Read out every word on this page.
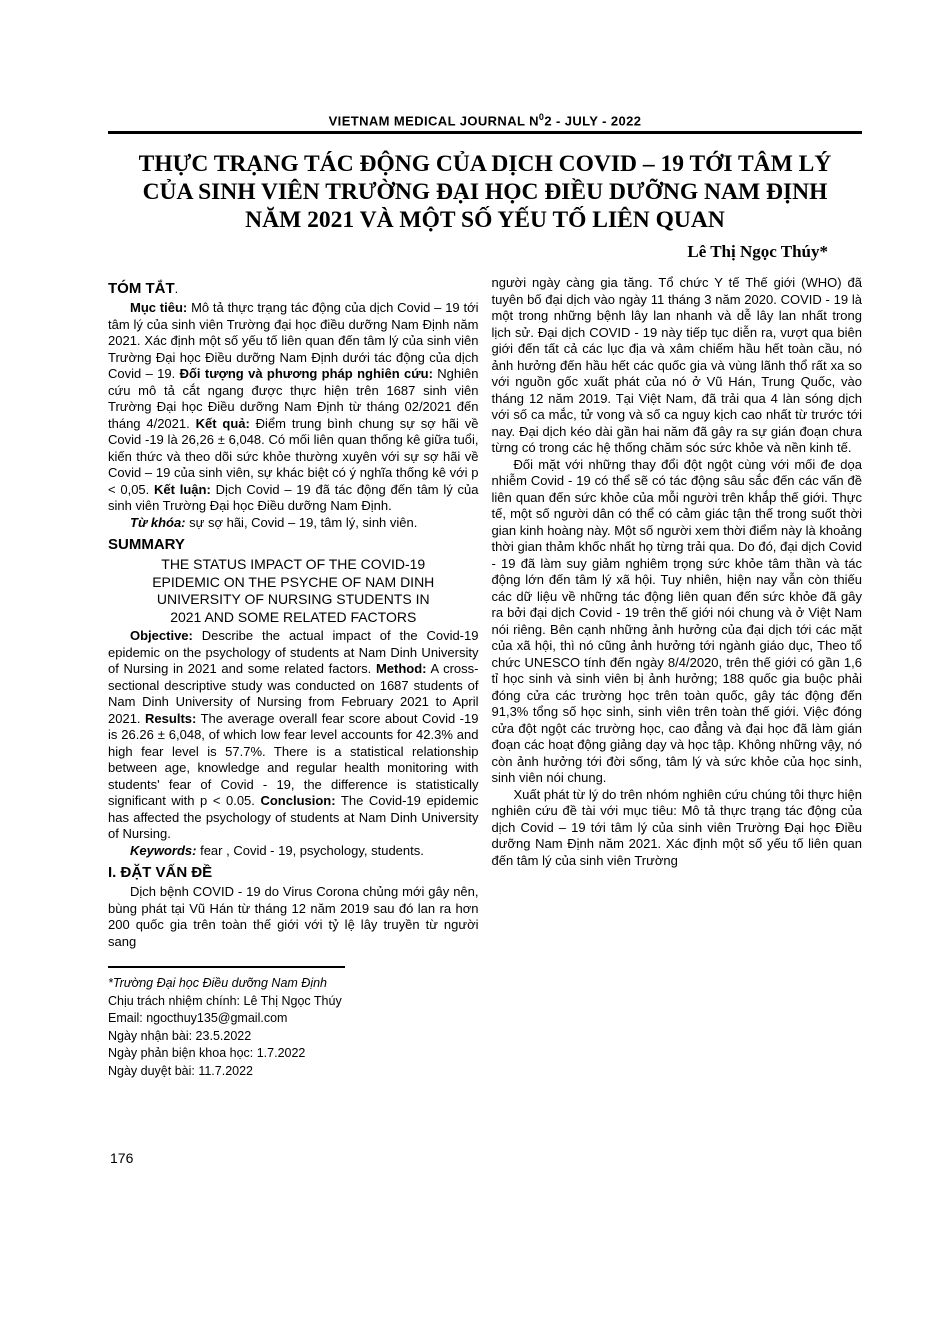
VIETNAM MEDICAL JOURNAL $N^02$ - JULY - 2022
THỰC TRẠNG TÁC ĐỘNG CỦA DỊCH COVID – 19 TỚI TÂM LÝ
CỦA SINH VIÊN TRƯỜNG ĐẠI HỌC ĐIỀU DƯỠNG NAM ĐỊNH
NĂM 2021 VÀ MỘT SỐ YẾU TỐ LIÊN QUAN
Lê Thị Ngọc Thúy*
TÓM TẮT.

Mục tiêu: Mô tả thực trạng tác động của dịch Covid – 19 tới tâm lý của sinh viên Trường đại học điều dưỡng Nam Định năm 2021. Xác định một số yếu tố liên quan đến tâm lý của sinh viên Trường Đại học Điều dưỡng Nam Định dưới tác động của dịch Covid – 19. Đối tượng và phương pháp nghiên cứu: Nghiên cứu mô tả cắt ngang được thực hiện trên 1687 sinh viên Trường Đại học Điều dưỡng Nam Định từ tháng 02/2021 đến tháng 4/2021. Kết quả: Điểm trung bình chung sự sợ hãi về Covid -19 là 26,26 ± 6,048. Có mối liên quan thống kê giữa tuổi, kiến thức và theo dõi sức khỏe thường xuyên với sự sợ hãi về Covid – 19 của sinh viên, sự khác biệt có ý nghĩa thống kê với p < 0,05. Kết luận: Dịch Covid – 19 đã tác động đến tâm lý của sinh viên Trường Đại học Điều dưỡng Nam Định.

Từ khóa: sự sợ hãi, Covid – 19, tâm lý, sinh viên.

SUMMARY
THE STATUS IMPACT OF THE COVID-19
EPIDEMIC ON THE PSYCHE OF NAM DINH
UNIVERSITY OF NURSING STUDENTS IN
2021 AND SOME RELATED FACTORS

Objective: Describe the actual impact of the Covid-19 epidemic on the psychology of students at Nam Dinh University of Nursing in 2021 and some related factors. Method: A cross-sectional descriptive study was conducted on 1687 students of Nam Dinh University of Nursing from February 2021 to April 2021. Results: The average overall fear score about Covid -19 is 26.26 ± 6,048, of which low fear level accounts for 42.3% and high fear level is 57.7%. There is a statistical relationship between age, knowledge and regular health monitoring with students' fear of Covid - 19, the difference is statistically significant with p < 0.05. Conclusion: The Covid-19 epidemic has affected the psychology of students at Nam Dinh University of Nursing.

Keywords: fear , Covid - 19, psychology, students.

I. ĐẶT VẤN ĐỀ

Dịch bệnh COVID - 19 do Virus Corona chủng mới gây nên, bùng phát tại Vũ Hán từ tháng 12 năm 2019 sau đó lan ra hơn 200 quốc gia trên toàn thế giới với tỷ lệ lây truyền từ người sang

*Trường Đại học Điều dưỡng Nam Định
Chịu trách nhiệm chính: Lê Thị Ngọc Thúy
Email: ngocthuy135@gmail.com
Ngày nhận bài: 23.5.2022
Ngày phản biện khoa học: 1.7.2022
Ngày duyệt bài: 11.7.2022

người ngày càng gia tăng. Tổ chức Y tế Thế giới (WHO) đã tuyên bố đại dịch vào ngày 11 tháng 3 năm 2020. COVID - 19 là một trong những bệnh lây lan nhanh và dễ lây lan nhất trong lịch sử. Đại dịch COVID - 19 này tiếp tục diễn ra, vượt qua biên giới đến tất cả các lục địa và xâm chiếm hầu hết toàn cầu, nó ảnh hưởng đến hầu hết các quốc gia và vùng lãnh thổ rất xa so với nguồn gốc xuất phát của nó ở Vũ Hán, Trung Quốc, vào tháng 12 năm 2019. Tại Việt Nam, đã trải qua 4 làn sóng dịch với số ca mắc, tử vong và số ca nguy kịch cao nhất từ trước tới nay. Đại dịch kéo dài gần hai năm đã gây ra sự gián đoạn chưa từng có trong các hệ thống chăm sóc sức khỏe và nền kinh tế.

Đối mặt với những thay đổi đột ngột cùng với mối đe dọa nhiễm Covid - 19 có thể sẽ có tác động sâu sắc đến các vấn đề liên quan đến sức khỏe của mỗi người trên khắp thế giới. Thực tế, một số người dân có thể có cảm giác tận thế trong suốt thời gian kinh hoàng này. Một số người xem thời điểm này là khoảng thời gian thảm khốc nhất họ từng trải qua. Do đó, đại dịch Covid - 19 đã làm suy giảm nghiêm trọng sức khỏe tâm thần và tác động lớn đến tâm lý xã hội. Tuy nhiên, hiện nay vẫn còn thiếu các dữ liệu về những tác động liên quan đến sức khỏe đã gây ra bởi đại dịch Covid - 19 trên thế giới nói chung và ở Việt Nam nói riêng. Bên cạnh những ảnh hưởng của đại dịch tới các mặt của xã hội, thì nó cũng ảnh hưởng tới ngành giáo dục, Theo tổ chức UNESCO tính đến ngày 8/4/2020, trên thế giới có gần 1,6 tỉ học sinh và sinh viên bị ảnh hưởng; 188 quốc gia buộc phải đóng cửa các trường học trên toàn quốc, gây tác động đến 91,3% tổng số học sinh, sinh viên trên toàn thế giới. Việc đóng cửa đột ngột các trường học, cao đẳng và đại học đã làm gián đoạn các hoạt động giảng dạy và học tập. Không những vậy, nó còn ảnh hưởng tới đời sống, tâm lý và sức khỏe của học sinh, sinh viên nói chung.

Xuất phát từ lý do trên nhóm nghiên cứu chúng tôi thực hiện nghiên cứu đề tài với mục tiêu: Mô tả thực trạng tác động của dịch Covid – 19 tới tâm lý của sinh viên Trường Đại học Điều dưỡng Nam Định năm 2021. Xác định một số yếu tố liên quan đến tâm lý của sinh viên Trường

176
